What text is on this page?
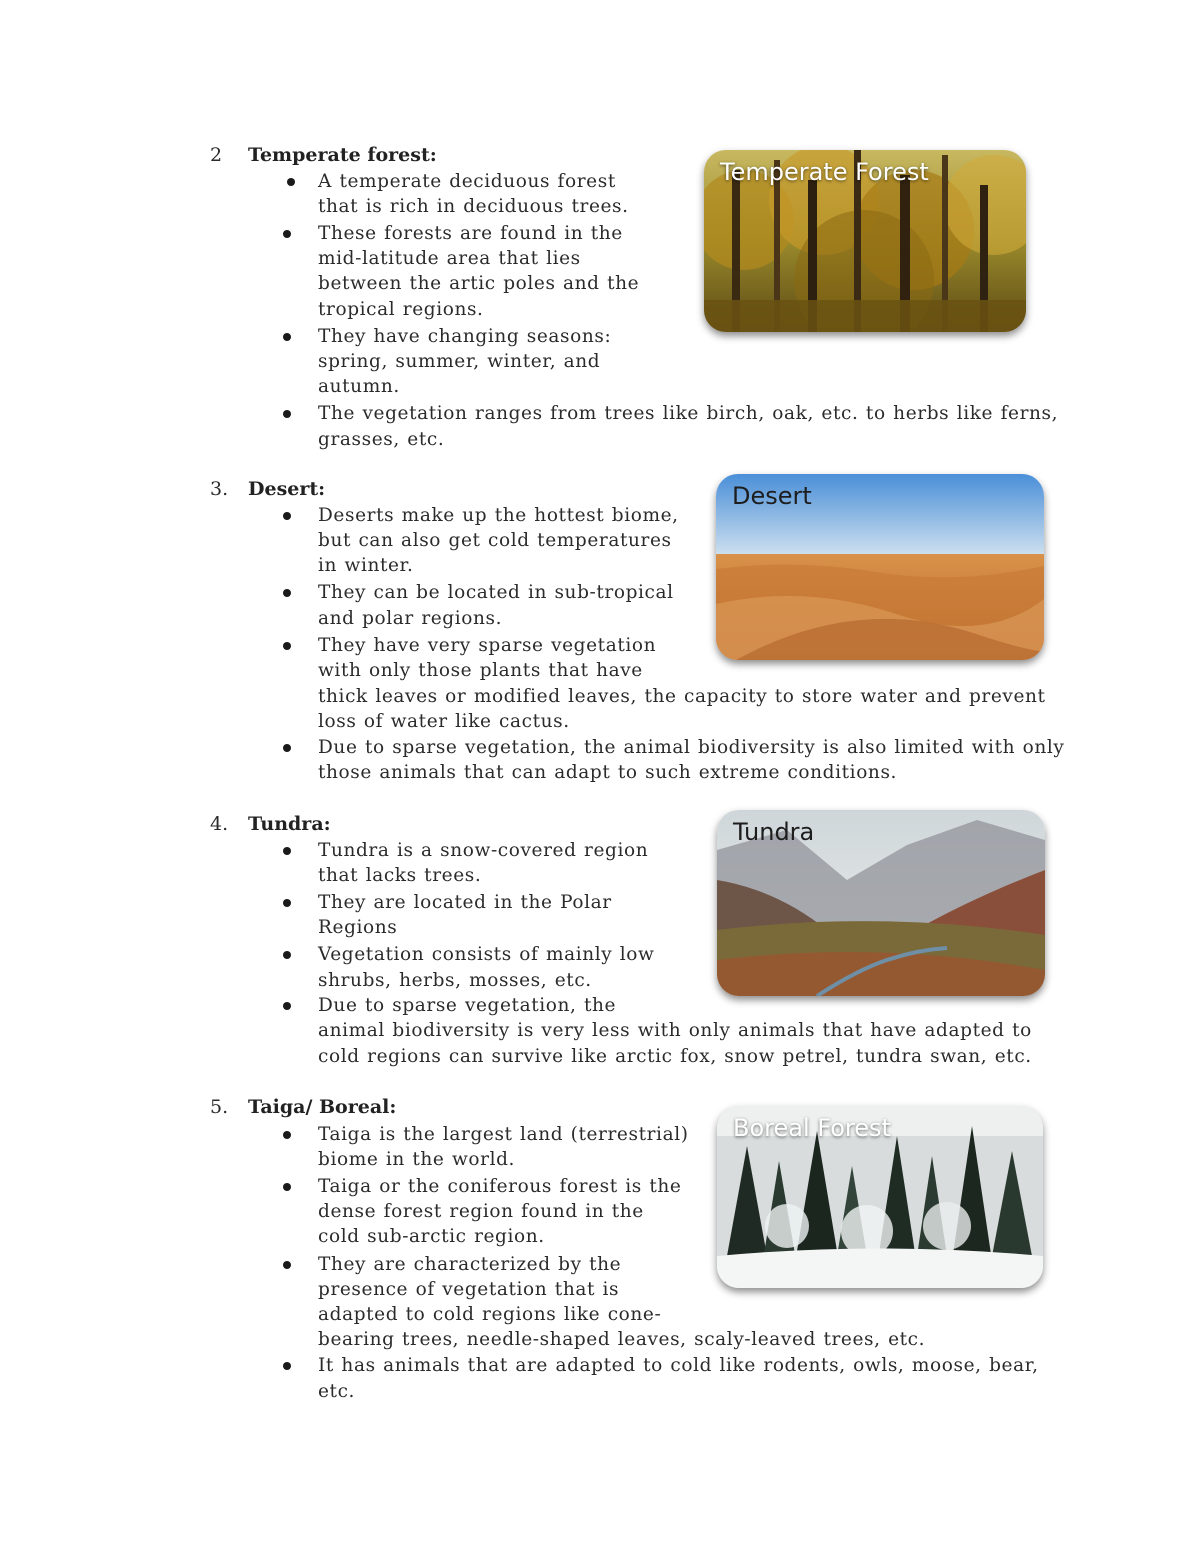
2 Temperate forest:
A temperate deciduous forest
that is rich in deciduous trees.
These forests are found in the
mid-latitude area that lies
between the artic poles and the
tropical regions.
They have changing seasons:
spring, summer, winter, and
autumn.
The vegetation ranges from trees like birch, oak, etc. to herbs like ferns,
grasses, etc.
Temperate Forest
3. Desert:
Deserts make up the hottest biome,
but can also get cold temperatures
in winter.
They can be located in sub-tropical
and polar regions.
They have very sparse vegetation
with only those plants that have
thick leaves or modified leaves, the capacity to store water and prevent
loss of water like cactus.
Due to sparse vegetation, the animal biodiversity is also limited with only
those animals that can adapt to such extreme conditions.
Desert
4. Tundra:
Tundra is a snow-covered region
that lacks trees.
They are located in the Polar
Regions
Vegetation consists of mainly low
shrubs, herbs, mosses, etc.
Due to sparse vegetation, the
animal biodiversity is very less with only animals that have adapted to
cold regions can survive like arctic fox, snow petrel, tundra swan, etc.
Tundra
5. Taiga/ Boreal:
Taiga is the largest land (terrestrial)
biome in the world.
Taiga or the coniferous forest is the
dense forest region found in the
cold sub-arctic region.
They are characterized by the
presence of vegetation that is
adapted to cold regions like cone-
bearing trees, needle-shaped leaves, scaly-leaved trees, etc.
It has animals that are adapted to cold like rodents, owls, moose, bear,
etc.
Boreal Forest
